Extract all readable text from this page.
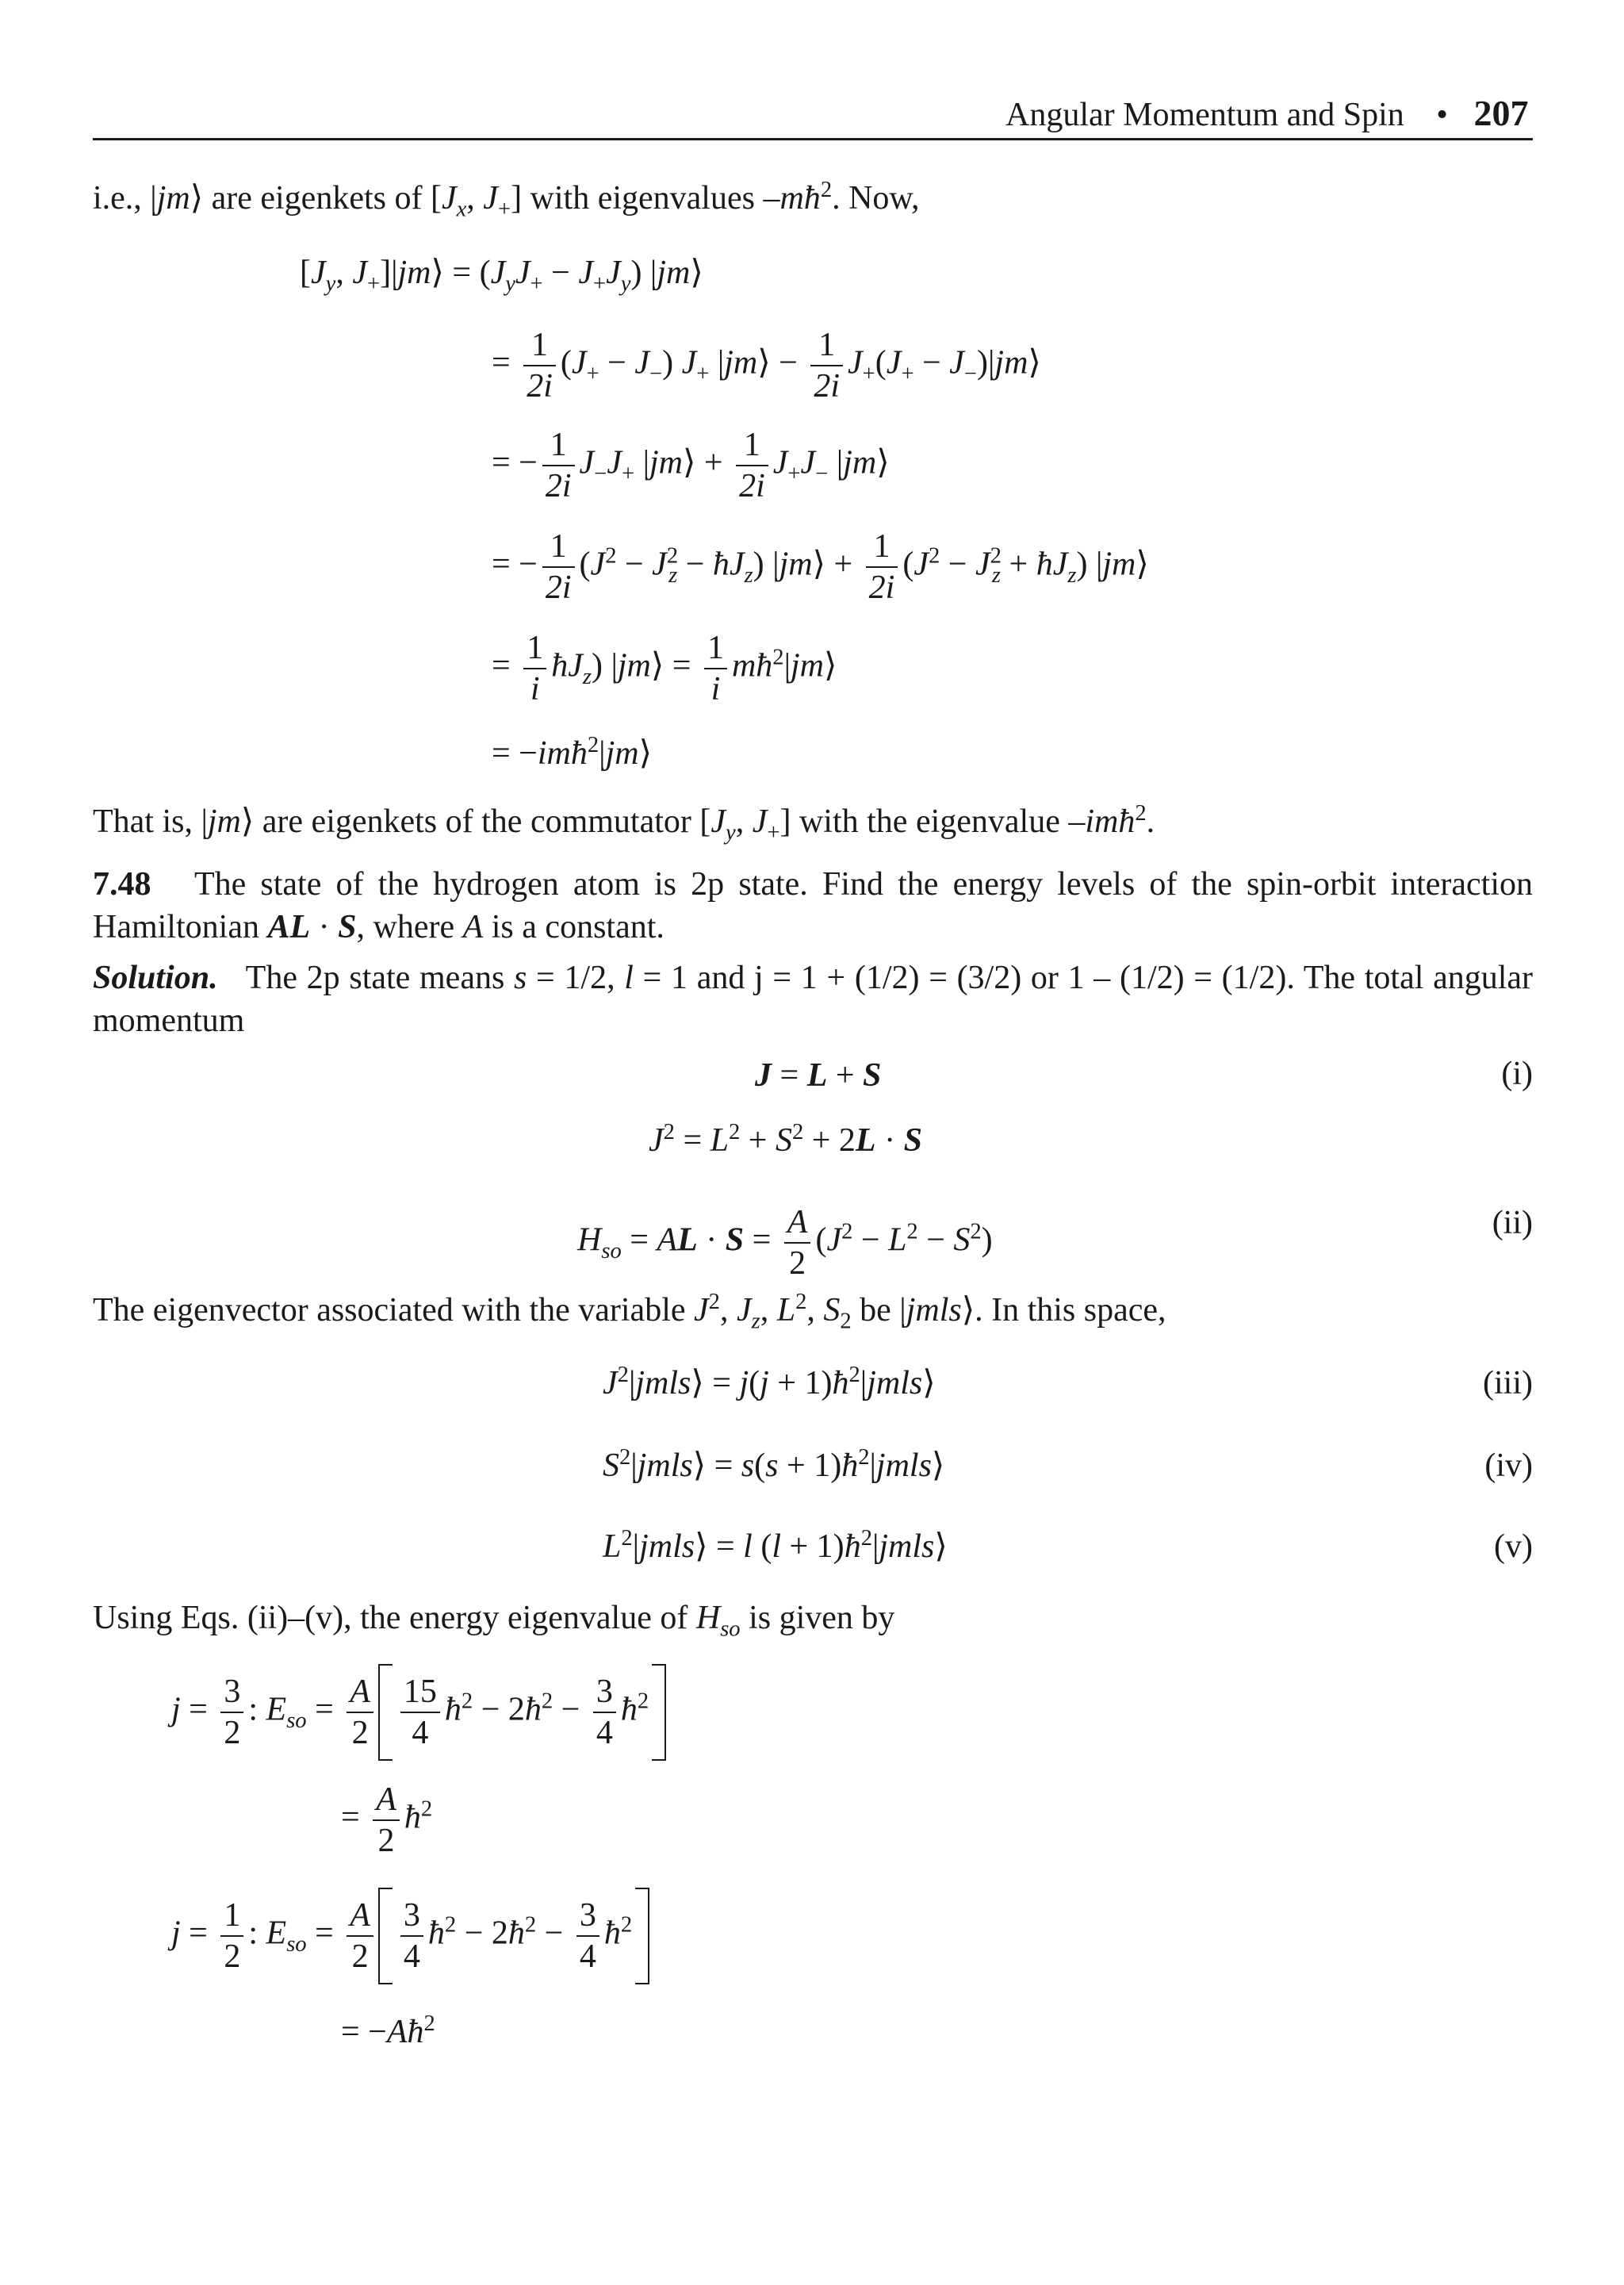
Angular Momentum and Spin • 207
i.e., |jm⟩ are eigenkets of [$J_x$, $J_+$] with eigenvalues $-mħ^2$. Now,
[$J_y$, $J_+]|jm⟩ = (J_yJ_+ - J_+J_y)$ |jm⟩
= $\frac{1}{2i} (J_+ - J_-)$ $J_+$ |jm⟩ − $\frac{1}{2i} J_+(J_+$ − $J_-)|jm⟩$
= − $\frac{1}{2i} J_-J_+$ |jm⟩ + $\frac{1}{2i} J_+J_-$ |jm⟩
= − $\frac{1}{2i} (J^2 - J^2_z$ − $ħJ_z$) |jm⟩ + $\frac{1}{2i} (J^2 - J^2_z$ + $ħJ_z$) |jm⟩
= $\frac{1}{i}$ $ħJ_z$) |jm⟩ = $\frac{1}{i}$ $mħ^2|jm⟩$
= −imħ$^2$|jm⟩
That is, |jm⟩ are eigenkets of the commutator [$J_y$, $J_+$] with the eigenvalue –imħ$^2$.
7.48 The state of the hydrogen atom is 2p state. Find the energy levels of the spin-orbit interaction Hamiltonian AL · S, where A is a constant.
Solution. The 2p state means s = 1/2, l = 1 and j = 1 + (1/2) = (3/2) or 1 – (1/2) = (1/2). The total angular momentum
J = L + S	(i)
$J^2 = L^2 + S^2 + 2L \cdot S$
$H_{so}$ = AL · $S = \frac{A}{2} (J^2 - L^2 - S^2)$	(ii)
The eigenvector associated with the variable $J^2$, $J_z$, $L^2$, $S_2$ be |jmls⟩. In this space,
$J^2|jmls⟩ = j(j$ + $1)ħ^2|jmls⟩$	(iii)
$S^2|jmls⟩ = s(s$ + $1)ħ^2|jmls⟩$	(iv)
$L^2|jmls⟩ = l$ $(l + 1)ħ^2|jmls⟩$	(v)
Using Eqs. (ii)–(v), the energy eigenvalue of $H_{so}$ is given by
$j = \frac{3}{2}$ : $E_{so} = \frac{A}{2} \frac{15}{4}$ $ħ^2$ − $2ħ^2 - \frac{3}{4}$ $ħ^2$
= $\frac{A}{2}$ $ħ^2$
$j = \frac{1}{2}$ : $E_{so} = \frac{A}{2} \frac{3}{4}$ $ħ^2$ − $2ħ^2 - \frac{3}{4}$ $ħ^2$
= $-Aħ^2$
